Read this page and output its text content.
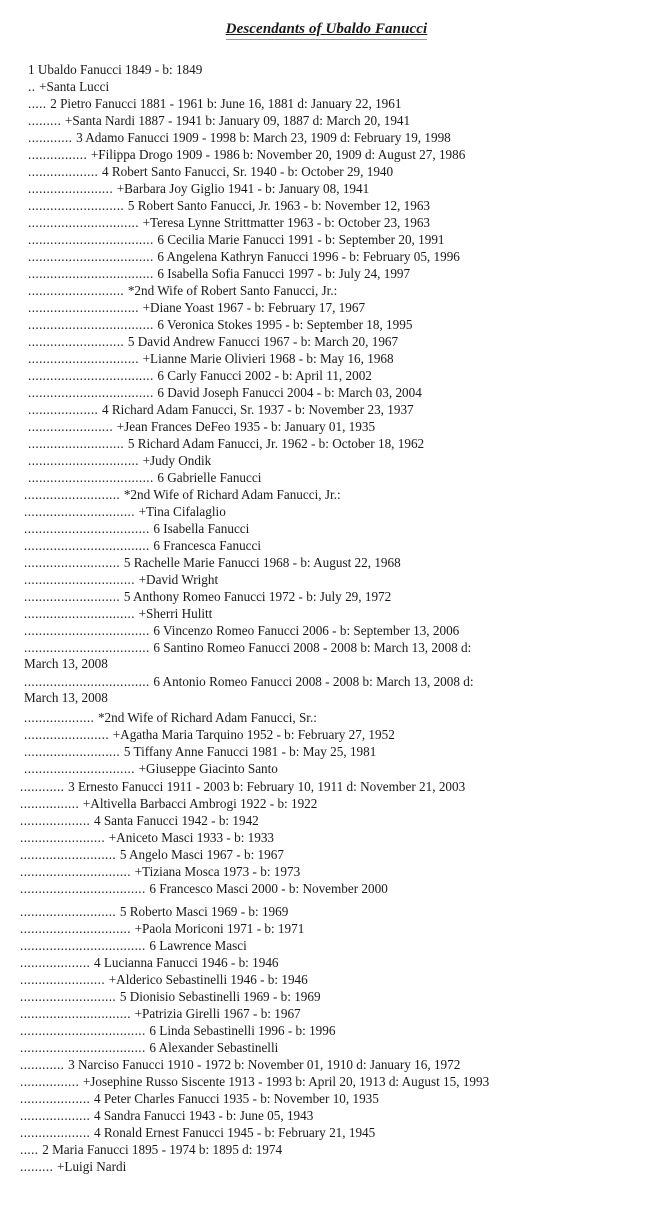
Descendants of Ubaldo Fanucci
1 Ubaldo Fanucci 1849 - b: 1849
.. +Santa Lucci
..... 2 Pietro Fanucci 1881 - 1961 b: June 16, 1881 d: January 22, 1961
......... +Santa Nardi 1887 - 1941 b: January 09, 1887 d: March 20, 1941
............ 3 Adamo Fanucci 1909 - 1998 b: March 23, 1909 d: February 19, 1998
................ +Filippa Drogo 1909 - 1986 b: November 20, 1909 d: August 27, 1986
................... 4 Robert Santo Fanucci, Sr. 1940 - b: October 29, 1940
....................... +Barbara Joy Giglio 1941 - b: January 08, 1941
.......................... 5 Robert Santo Fanucci, Jr. 1963 - b: November 12, 1963
.............................. +Teresa Lynne Strittmatter 1963 - b: October 23, 1963
.................................. 6 Cecilia Marie Fanucci 1991 - b: September 20, 1991
.................................. 6 Angelena Kathryn Fanucci 1996 - b: February 05, 1996
.................................. 6 Isabella Sofia Fanucci 1997 - b: July 24, 1997
.......................... *2nd Wife of Robert Santo Fanucci, Jr.:
.............................. +Diane Yoast 1967 - b: February 17, 1967
.................................. 6 Veronica Stokes 1995 - b: September 18, 1995
.......................... 5 David Andrew Fanucci 1967 - b: March 20, 1967
.............................. +Lianne Marie Olivieri 1968 - b: May 16, 1968
.................................. 6 Carly Fanucci 2002 - b: April 11, 2002
.................................. 6 David Joseph Fanucci 2004 - b: March 03, 2004
................... 4 Richard Adam Fanucci, Sr. 1937 - b: November 23, 1937
....................... +Jean Frances DeFeo 1935 - b: January 01, 1935
.......................... 5 Richard Adam Fanucci, Jr. 1962 - b: October 18, 1962
.............................. +Judy Ondik
.................................. 6 Gabrielle Fanucci
.......................... *2nd Wife of Richard Adam Fanucci, Jr.:
.............................. +Tina Cifalaglio
.................................. 6 Isabella Fanucci
.................................. 6 Francesca Fanucci
.......................... 5 Rachelle Marie Fanucci 1968 - b: August 22, 1968
.............................. +David Wright
.......................... 5 Anthony Romeo Fanucci 1972 - b: July 29, 1972
.............................. +Sherri Hulitt
.................................. 6 Vincenzo Romeo Fanucci 2006 - b: September 13, 2006
.................................. 6 Santino Romeo Fanucci 2008 - 2008 b: March 13, 2008 d: March 13, 2008
.................................. 6 Antonio Romeo Fanucci 2008 - 2008 b: March 13, 2008 d: March 13, 2008
................... *2nd Wife of Richard Adam Fanucci, Sr.:
....................... +Agatha Maria Tarquino 1952 - b: February 27, 1952
.......................... 5 Tiffany Anne Fanucci 1981 - b: May 25, 1981
.............................. +Giuseppe Giacinto Santo
............ 3 Ernesto Fanucci 1911 - 2003 b: February 10, 1911 d: November 21, 2003
................ +Altivella Barbacci Ambrogi 1922 - b: 1922
................... 4 Santa Fanucci 1942 - b: 1942
....................... +Aniceto Masci 1933 - b: 1933
.......................... 5 Angelo Masci 1967 - b: 1967
.............................. +Tiziana Mosca 1973 - b: 1973
.................................. 6 Francesco Masci 2000 - b: November 2000
.......................... 5 Roberto Masci 1969 - b: 1969
.............................. +Paola Moriconi 1971 - b: 1971
.................................. 6 Lawrence Masci
................... 4 Lucianna Fanucci 1946 - b: 1946
....................... +Alderico Sebastinelli 1946 - b: 1946
.......................... 5 Dionisio Sebastinelli 1969 - b: 1969
.............................. +Patrizia Girelli 1967 - b: 1967
.................................. 6 Linda Sebastinelli 1996 - b: 1996
.................................. 6 Alexander Sebastinelli
............ 3 Narciso Fanucci 1910 - 1972 b: November 01, 1910 d: January 16, 1972
................ +Josephine Russo Siscente 1913 - 1993 b: April 20, 1913 d: August 15, 1993
................... 4 Peter Charles Fanucci 1935 - b: November 10, 1935
................... 4 Sandra Fanucci 1943 - b: June 05, 1943
................... 4 Ronald Ernest Fanucci 1945 - b: February 21, 1945
..... 2 Maria Fanucci 1895 - 1974 b: 1895 d: 1974
......... +Luigi Nardi
